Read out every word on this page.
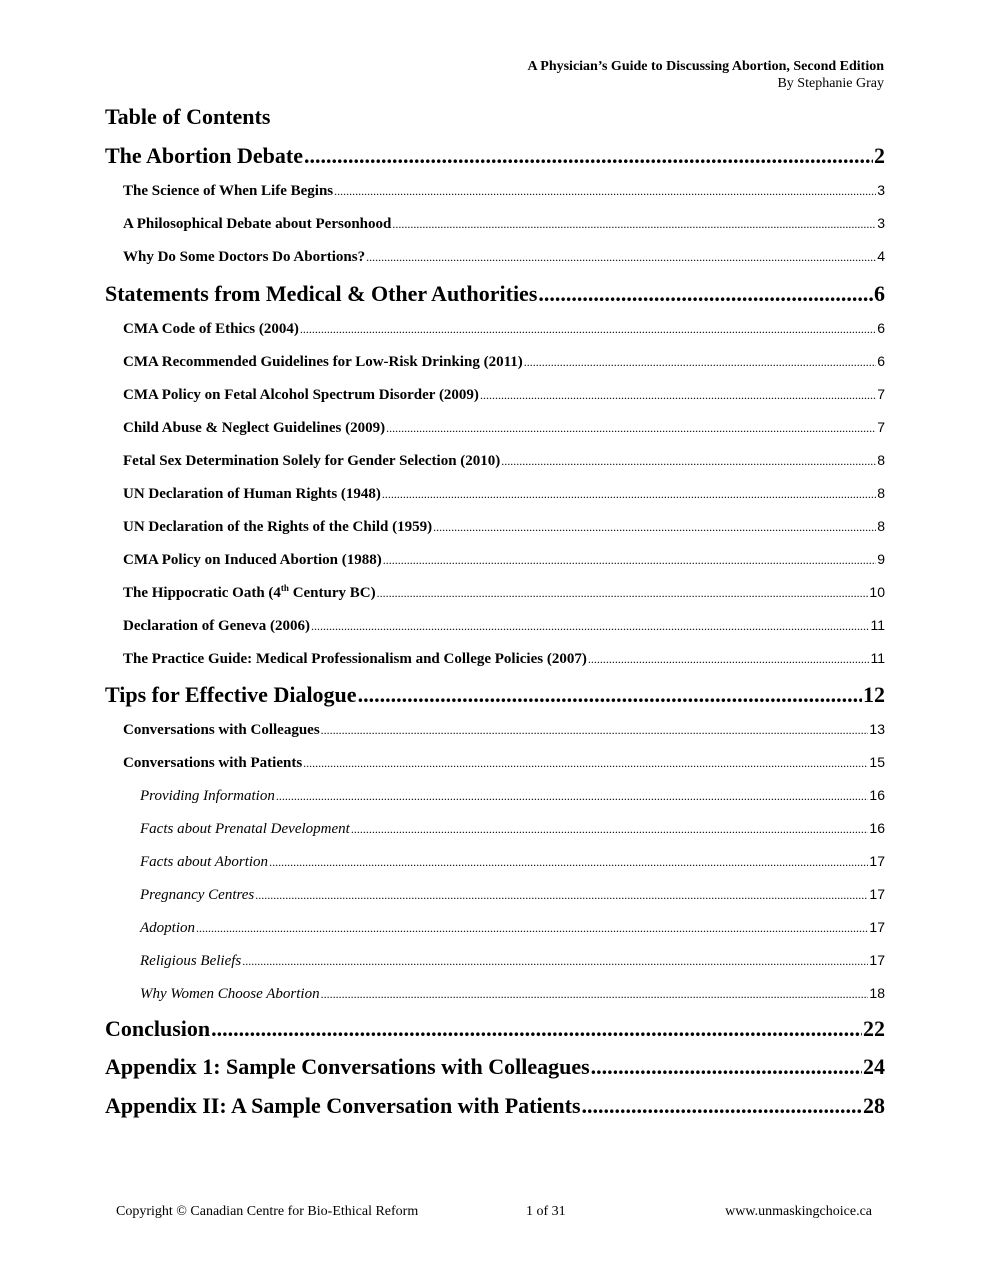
A Physician’s Guide to Discussing Abortion, Second Edition
By Stephanie Gray
Table of Contents
The Abortion Debate .....	2
The Science of When Life Begins .....	3
A Philosophical Debate about Personhood .....	3
Why Do Some Doctors Do Abortions? .....	4
Statements from Medical & Other Authorities .....	6
CMA Code of Ethics (2004) .....	6
CMA Recommended Guidelines for Low-Risk Drinking (2011) .....	6
CMA Policy on Fetal Alcohol Spectrum Disorder (2009) .....	7
Child Abuse & Neglect Guidelines (2009) .....	7
Fetal Sex Determination Solely for Gender Selection (2010) .....	8
UN Declaration of Human Rights (1948) .....	8
UN Declaration of the Rights of the Child (1959) .....	8
CMA Policy on Induced Abortion (1988) .....	9
The Hippocratic Oath (4th Century BC) .....	10
Declaration of Geneva (2006) .....	11
The Practice Guide: Medical Professionalism and College Policies (2007) .....	11
Tips for Effective Dialogue .....	12
Conversations with Colleagues .....	13
Conversations with Patients .....	15
Providing Information .....	16
Facts about Prenatal Development .....	16
Facts about Abortion .....	17
Pregnancy Centres .....	17
Adoption .....	17
Religious Beliefs .....	17
Why Women Choose Abortion .....	18
Conclusion .....	22
Appendix 1: Sample Conversations with Colleagues .....	24
Appendix II: A Sample Conversation with Patients .....	28
Copyright © Canadian Centre for Bio-Ethical Reform	1 of 31	www.unmaskingchoice.ca
